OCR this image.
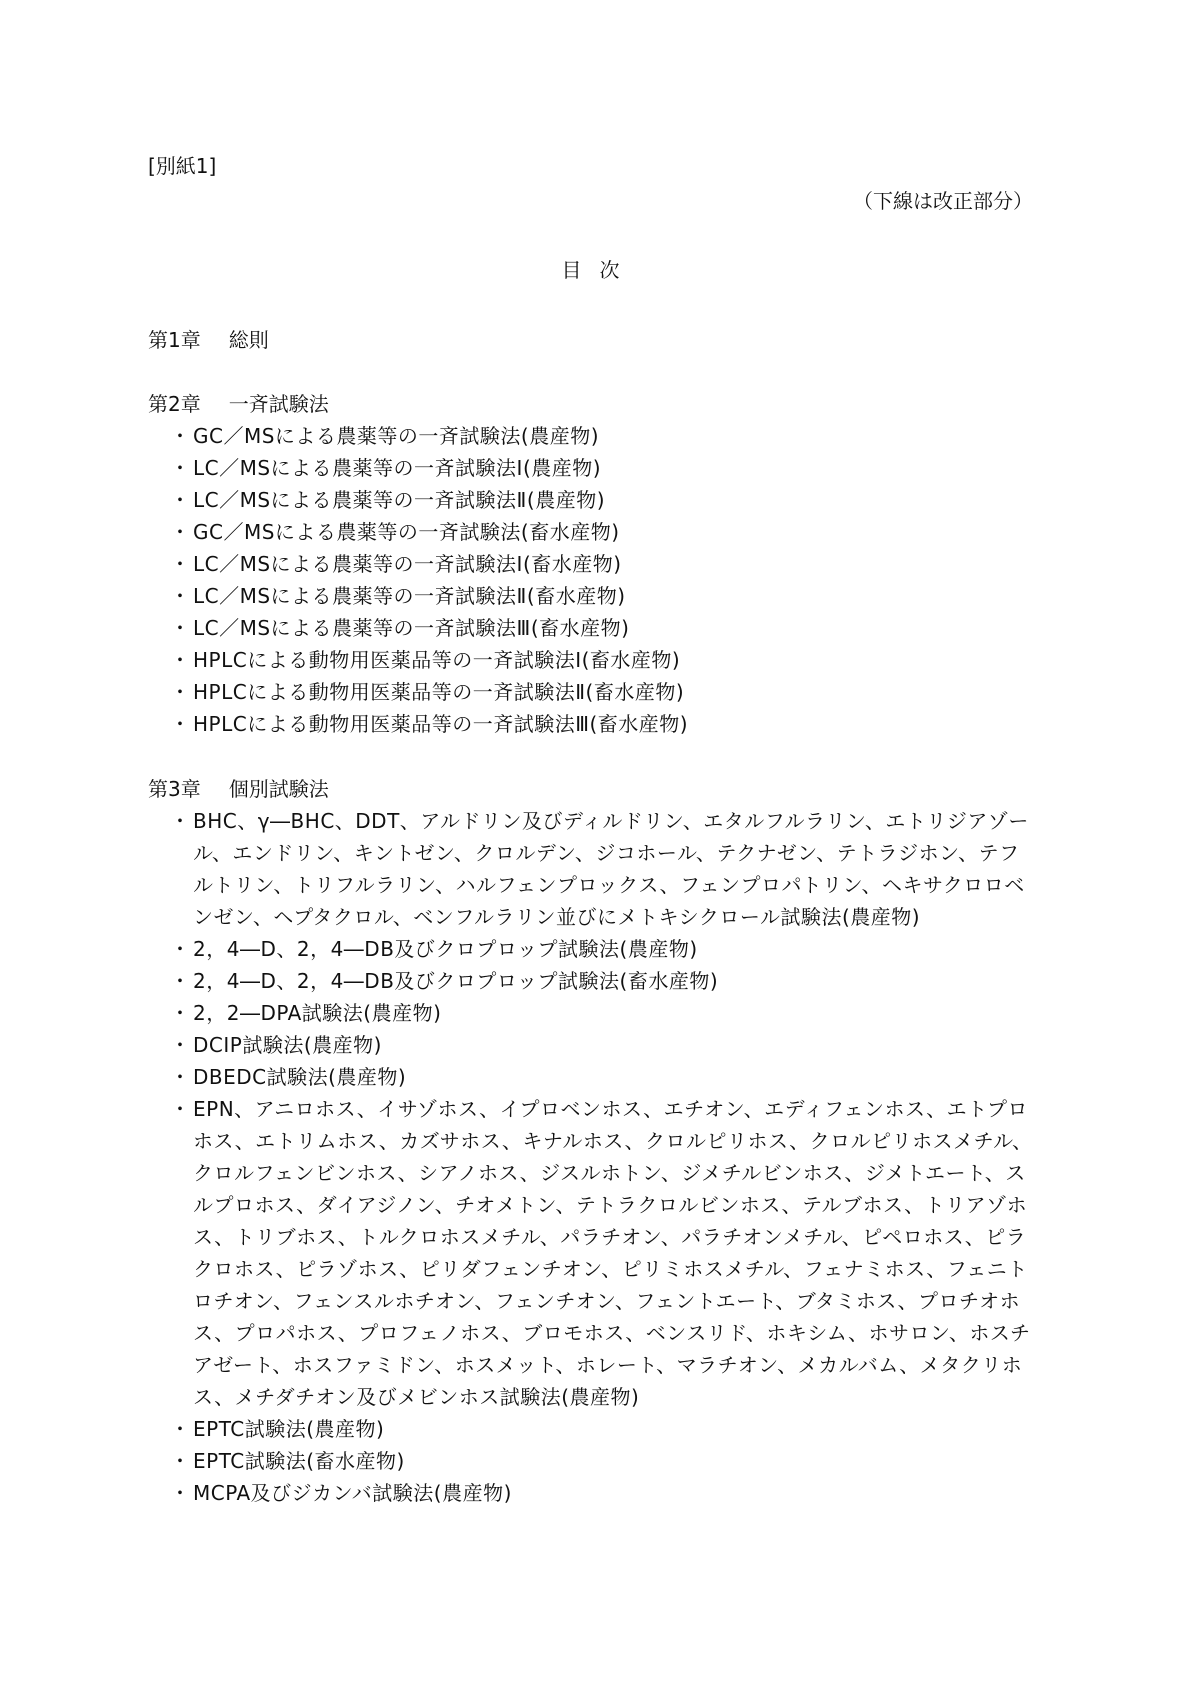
[別紙1]
（下線は改正部分）
目次
第1章 総則
第2章 一斉試験法
・ GC／MSによる農薬等の一斉試験法(農産物)
・ LC／MSによる農薬等の一斉試験法Ⅰ(農産物)
・ LC／MSによる農薬等の一斉試験法Ⅱ(農産物)
・ GC／MSによる農薬等の一斉試験法(畜水産物)
・ LC／MSによる農薬等の一斉試験法Ⅰ(畜水産物)
・ LC／MSによる農薬等の一斉試験法Ⅱ(畜水産物)
・ LC／MSによる農薬等の一斉試験法Ⅲ(畜水産物)
・ HPLCによる動物用医薬品等の一斉試験法Ⅰ(畜水産物)
・ HPLCによる動物用医薬品等の一斉試験法Ⅱ(畜水産物)
・ HPLCによる動物用医薬品等の一斉試験法Ⅲ(畜水産物)
第3章 個別試験法
・ BHC、γ―BHC、DDT、アルドリン及びディルドリン、エタルフルラリン、エトリジアゾール、エンドリン、キントゼン、クロルデン、ジコホール、テクナゼン、テトラジホン、テフルトリン、トリフルラリン、ハルフェンプロックス、フェンプロパトリン、ヘキサクロロベンゼン、ヘプタクロル、ベンフルラリン並びにメトキシクロール試験法(農産物)
・ 2，4―D、2，4―DB及びクロプロップ試験法(農産物)
・ 2，4―D、2，4―DB及びクロプロップ試験法(畜水産物)
・ 2，2―DPA試験法(農産物)
・ DCIP試験法(農産物)
・ DBEDC試験法(農産物)
・ EPN、アニロホス、イサゾホス、イプロベンホス、エチオン、エディフェンホス、エトプロホス、エトリムホス、カズサホス、キナルホス、クロルピリホス、クロルピリホスメチル、クロルフェンビンホス、シアノホス、ジスルホトン、ジメチルビンホス、ジメトエート、スルプロホス、ダイアジノン、チオメトン、テトラクロルビンホス、テルブホス、トリアゾホス、トリブホス、トルクロホスメチル、パラチオン、パラチオンメチル、ピペロホス、ピラクロホス、ピラゾホス、ピリダフェンチオン、ピリミホスメチル、フェナミホス、フェニトロチオン、フェンスルホチオン、フェンチオン、フェントエート、ブタミホス、プロチオホス、プロパホス、プロフェノホス、ブロモホス、ベンスリド、ホキシム、ホサロン、ホスチアゼート、ホスファミドン、ホスメット、ホレート、マラチオン、メカルバム、メタクリホス、メチダチオン及びメビンホス試験法(農産物)
・ EPTC試験法(農産物)
・ EPTC試験法(畜水産物)
・ MCPA及びジカンバ試験法(農産物)
